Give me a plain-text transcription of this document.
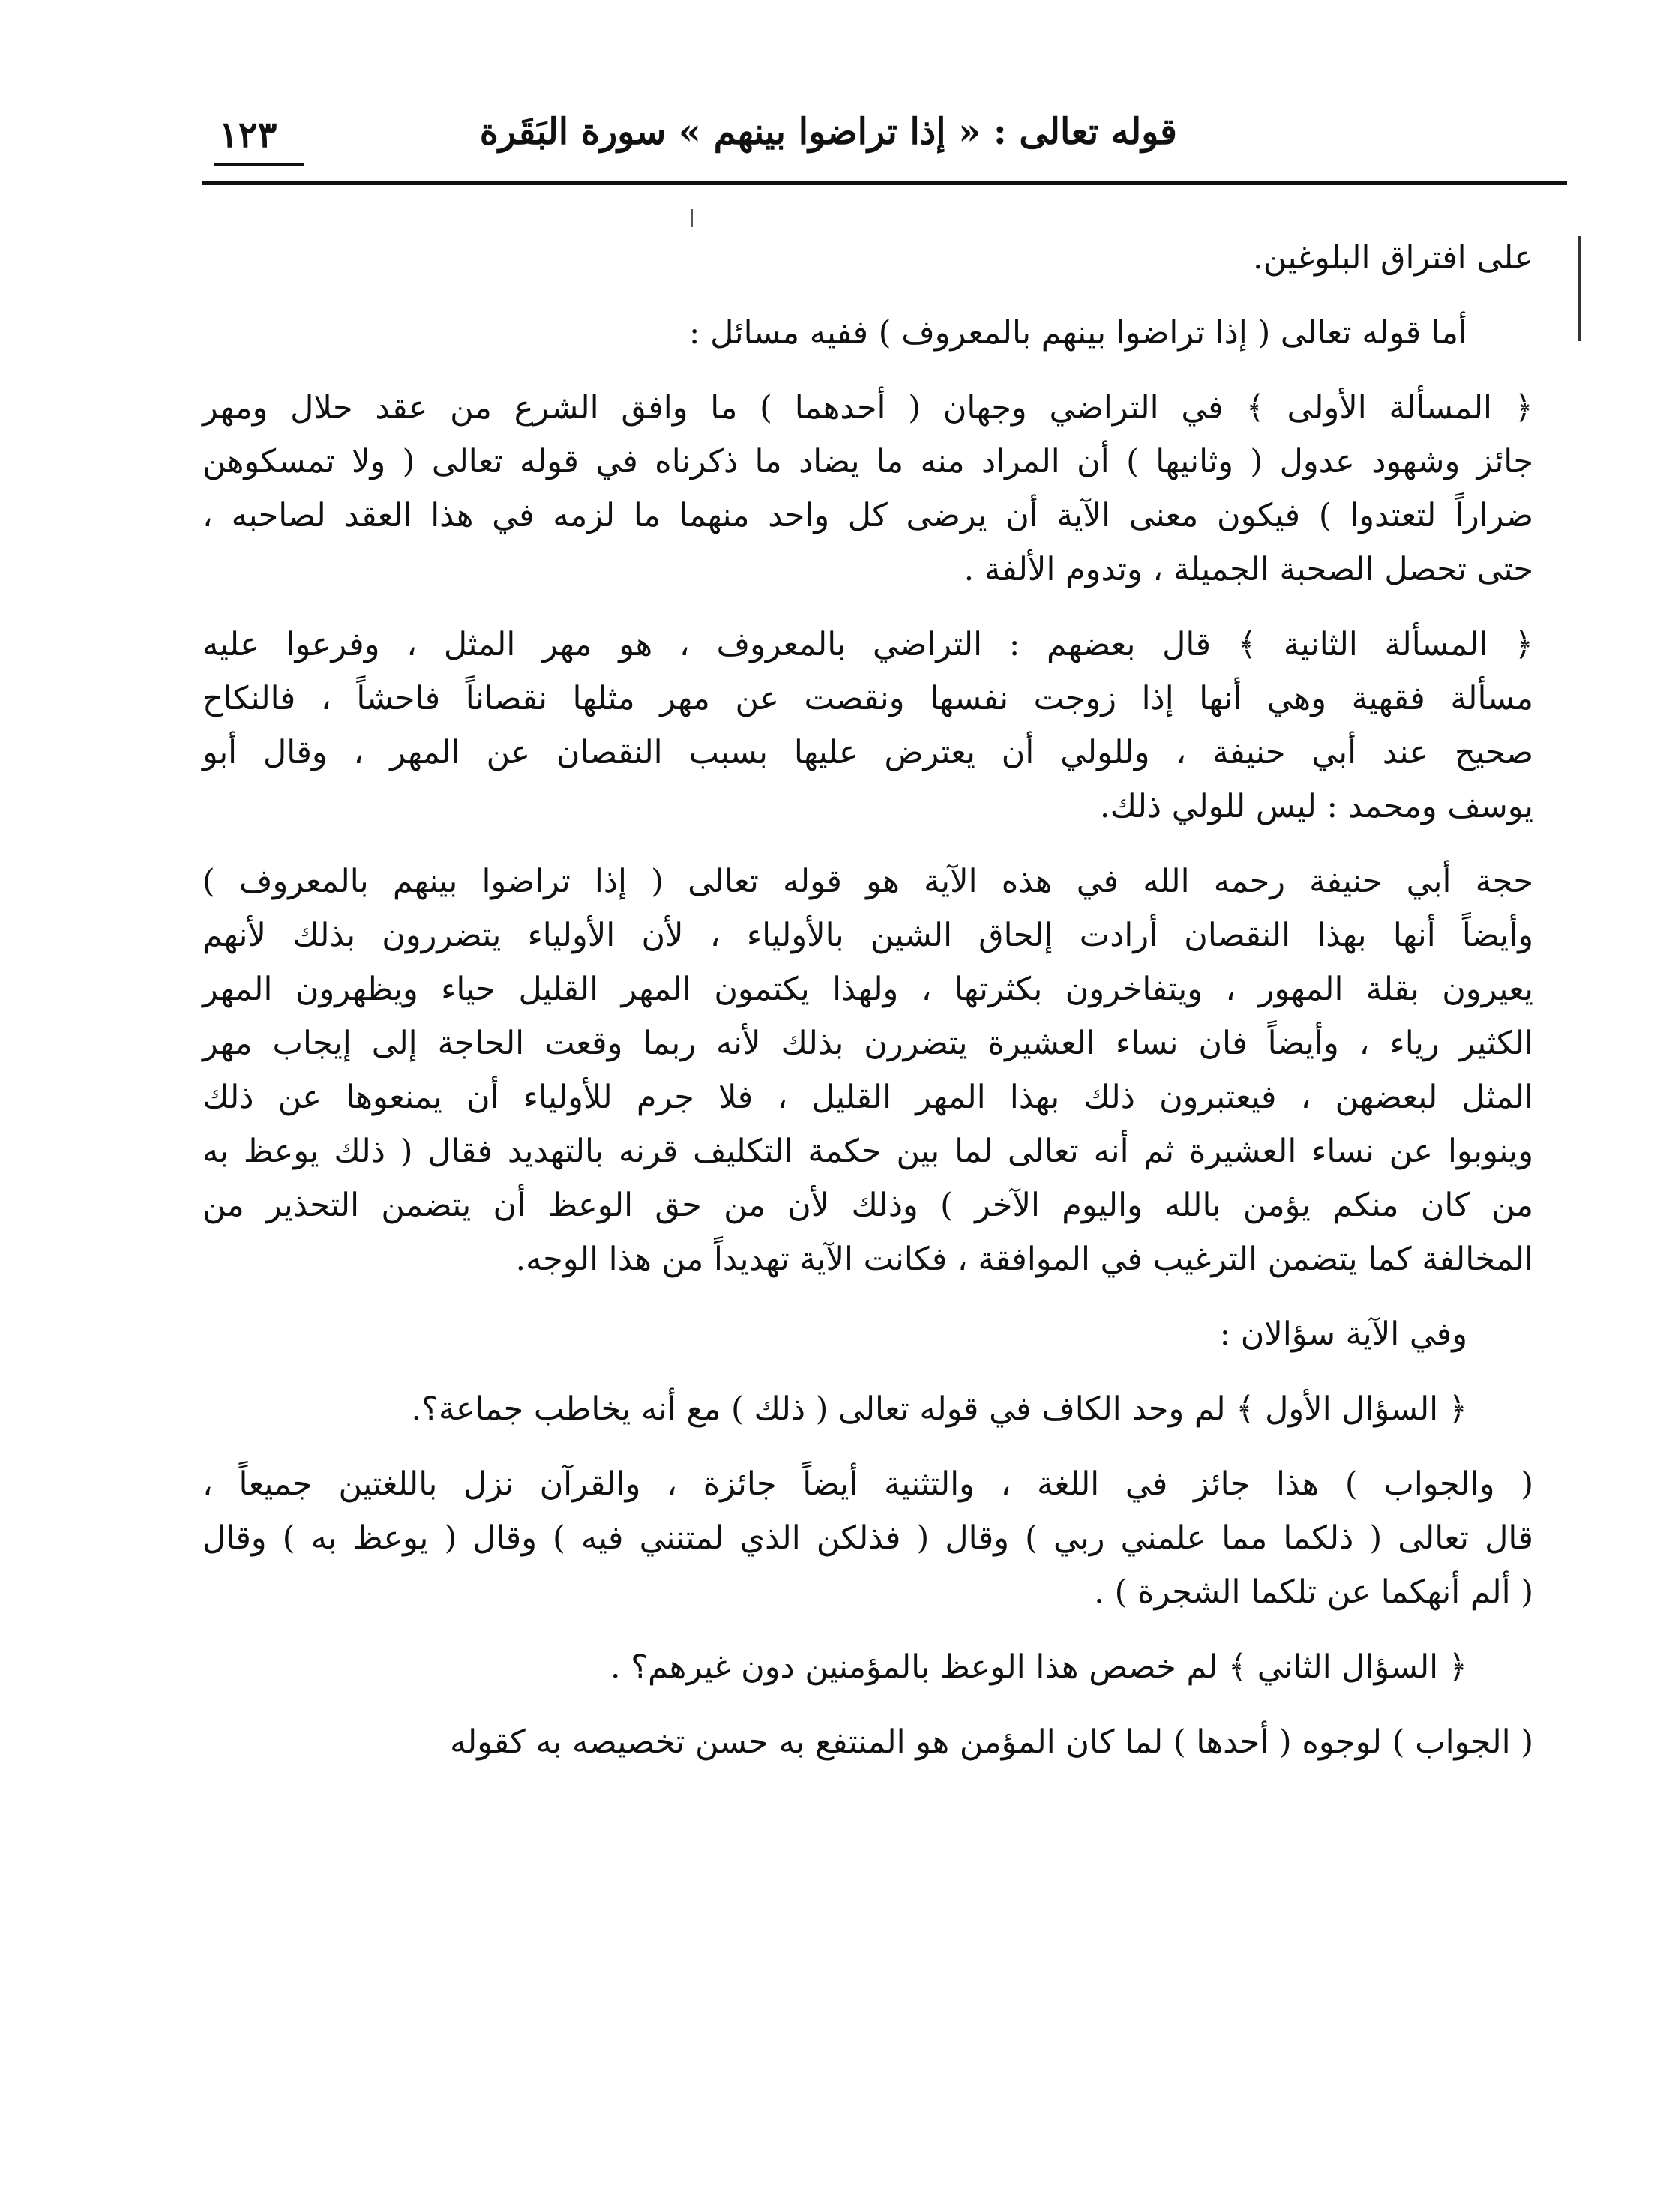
قوله تعالى : « إذا تراضوا بينهم » سورة البَقَرة
١٢٣

على افتراق البلوغين.

أما قوله تعالى ( إذا تراضوا بينهم بالمعروف ) ففيه مسائل :

﴿ المسألة الأولى ﴾ في التراضي وجهان ( أحدهما ) ما وافق الشرع من عقد حلال ومهر
جائز وشهود عدول ( وثانيها ) أن المراد منه ما يضاد ما ذكرناه في قوله تعالى ( ولا تمسكوهن
ضراراً لتعتدوا ) فيكون معنى الآية أن يرضى كل واحد منهما ما لزمه في هذا العقد لصاحبه ،
حتى تحصل الصحبة الجميلة ، وتدوم الألفة .

﴿ المسألة الثانية ﴾ قال بعضهم : التراضي بالمعروف ، هو مهر المثل ، وفرعوا عليه
مسألة فقهية وهي أنها إذا زوجت نفسها ونقصت عن مهر مثلها نقصاناً فاحشاً ، فالنكاح
صحيح عند أبي حنيفة ، وللولي أن يعترض عليها بسبب النقصان عن المهر ، وقال أبو
يوسف ومحمد : ليس للولي ذلك.

حجة أبي حنيفة رحمه الله في هذه الآية هو قوله تعالى ( إذا تراضوا بينهم بالمعروف )
وأيضاً أنها بهذا النقصان أرادت إلحاق الشين بالأولياء ، لأن الأولياء يتضررون بذلك لأنهم
يعيرون بقلة المهور ، ويتفاخرون بكثرتها ، ولهذا يكتمون المهر القليل حياء ويظهرون المهر
الكثير رياء ، وأيضاً فان نساء العشيرة يتضررن بذلك لأنه ربما وقعت الحاجة إلى إيجاب مهر
المثل لبعضهن ، فيعتبرون ذلك بهذا المهر القليل ، فلا جرم للأولياء أن يمنعوها عن ذلك
وينوبوا عن نساء العشيرة ثم أنه تعالى لما بين حكمة التكليف قرنه بالتهديد فقال ( ذلك يوعظ به
من كان منكم يؤمن بالله واليوم الآخر ) وذلك لأن من حق الوعظ أن يتضمن التحذير من
المخالفة كما يتضمن الترغيب في الموافقة ، فكانت الآية تهديداً من هذا الوجه.

وفي الآية سؤالان :

﴿ السؤال الأول ﴾ لم وحد الكاف في قوله تعالى ( ذلك ) مع أنه يخاطب جماعة؟.

( والجواب ) هذا جائز في اللغة ، والتثنية أيضاً جائزة ، والقرآن نزل باللغتين جميعاً ،
قال تعالى ( ذلكما مما علمني ربي ) وقال ( فذلكن الذي لمتنني فيه ) وقال ( يوعظ به ) وقال
( ألم أنهكما عن تلكما الشجرة ) .

﴿ السؤال الثاني ﴾ لم خصص هذا الوعظ بالمؤمنين دون غيرهم؟ .

( الجواب ) لوجوه ( أحدها ) لما كان المؤمن هو المنتفع به حسن تخصيصه به كقوله
